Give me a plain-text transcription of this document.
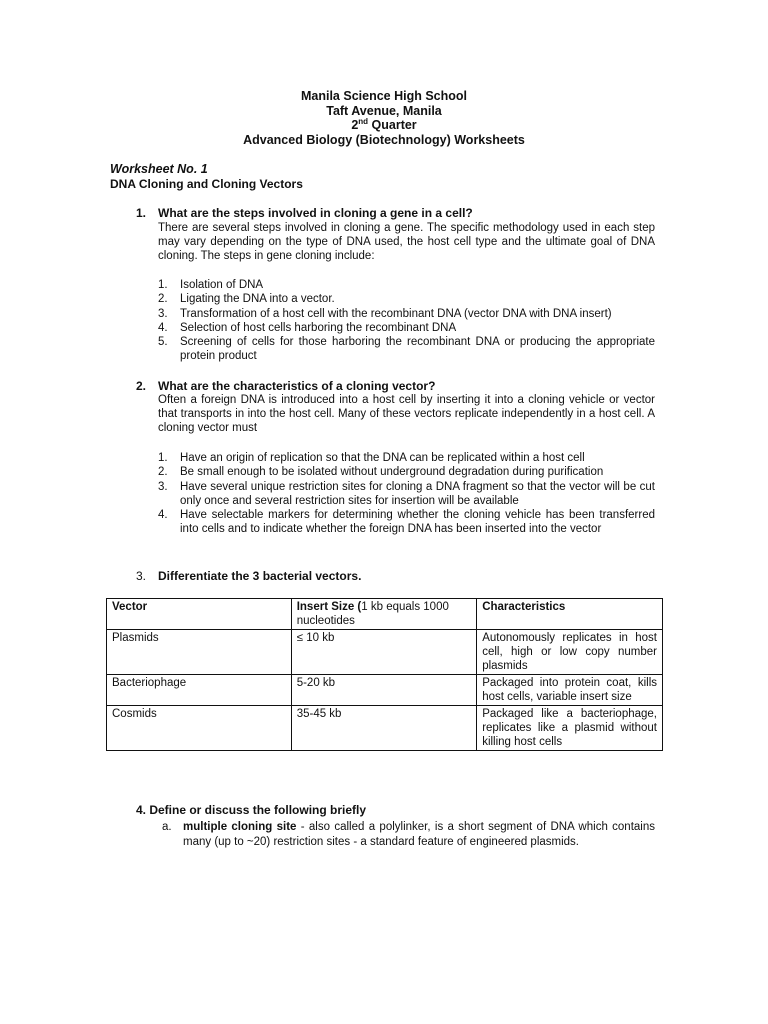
Manila Science High School
Taft Avenue, Manila
2nd Quarter
Advanced Biology (Biotechnology) Worksheets
Worksheet No. 1
DNA Cloning and Cloning Vectors
1. What are the steps involved in cloning a gene in a cell?
There are several steps involved in cloning a gene. The specific methodology used in each step may vary depending on the type of DNA used, the host cell type and the ultimate goal of DNA cloning. The steps in gene cloning include:
1. Isolation of DNA
2. Ligating the DNA into a vector.
3. Transformation of a host cell with the recombinant DNA (vector DNA with DNA insert)
4. Selection of host cells harboring the recombinant DNA
5. Screening of cells for those harboring the recombinant DNA or producing the appropriate protein product
2. What are the characteristics of a cloning vector?
Often a foreign DNA is introduced into a host cell by inserting it into a cloning vehicle or vector that transports in into the host cell. Many of these vectors replicate independently in a host cell. A cloning vector must
1. Have an origin of replication so that the DNA can be replicated within a host cell
2. Be small enough to be isolated without underground degradation during purification
3. Have several unique restriction sites for cloning a DNA fragment so that the vector will be cut only once and several restriction sites for insertion will be available
4. Have selectable markers for determining whether the cloning vehicle has been transferred into cells and to indicate whether the foreign DNA has been inserted into the vector
3. Differentiate the 3 bacterial vectors.
Vector	Insert Size (1 kb equals 1000 nucleotides	Characteristics
Plasmids	≤ 10 kb	Autonomously replicates in host cell, high or low copy number plasmids
Bacteriophage	5-20 kb	Packaged into protein coat, kills host cells, variable insert size
Cosmids	35-45 kb	Packaged like a bacteriophage, replicates like a plasmid without killing host cells
4. Define or discuss the following briefly
a. multiple cloning site - also called a polylinker, is a short segment of DNA which contains many (up to ~20) restriction sites - a standard feature of engineered plasmids.
